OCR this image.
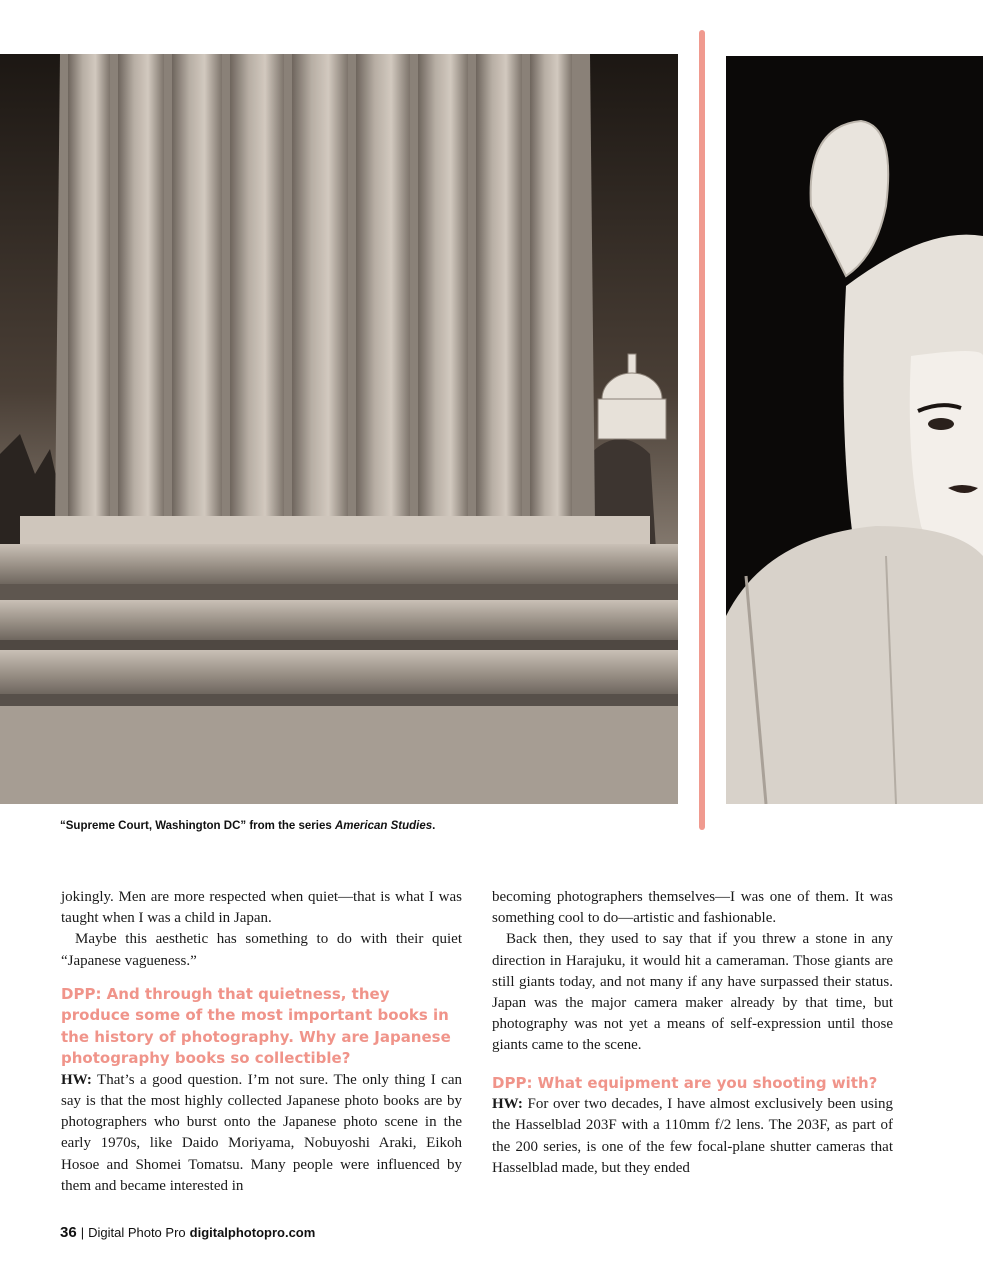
“Supreme Court, Washington DC” from the series American Studies.

jokingly. Men are more respected when quiet—that is what I was taught when I was a child in Japan.

Maybe this aesthetic has something to do with their quiet “Japanese vagueness.”

DPP: And through that quietness, they produce some of the most important books in the history of photography. Why are Japanese photography books so collectible?

HW: That’s a good question. I’m not sure. The only thing I can say is that the most highly collected Japanese photo books are by photographers who burst onto the Japanese photo scene in the early 1970s, like Daido Moriyama, Nobuyoshi Araki, Eikoh Hosoe and Shomei Tomatsu. Many people were influenced by them and became interested in

becoming photographers themselves—I was one of them. It was something cool to do—artistic and fashionable.

Back then, they used to say that if you threw a stone in any direction in Harajuku, it would hit a cameraman. Those giants are still giants today, and not many if any have surpassed their status. Japan was the major camera maker already by that time, but photography was not yet a means of self-expression until those giants came to the scene.

DPP: What equipment are you shooting with?

HW: For over two decades, I have almost exclusively been using the Hasselblad 203F with a 110mm f/2 lens. The 203F, as part of the 200 series, is one of the few focal-plane shutter cameras that Hasselblad made, but they ended

36 | Digital Photo Pro digitalphotopro.com
